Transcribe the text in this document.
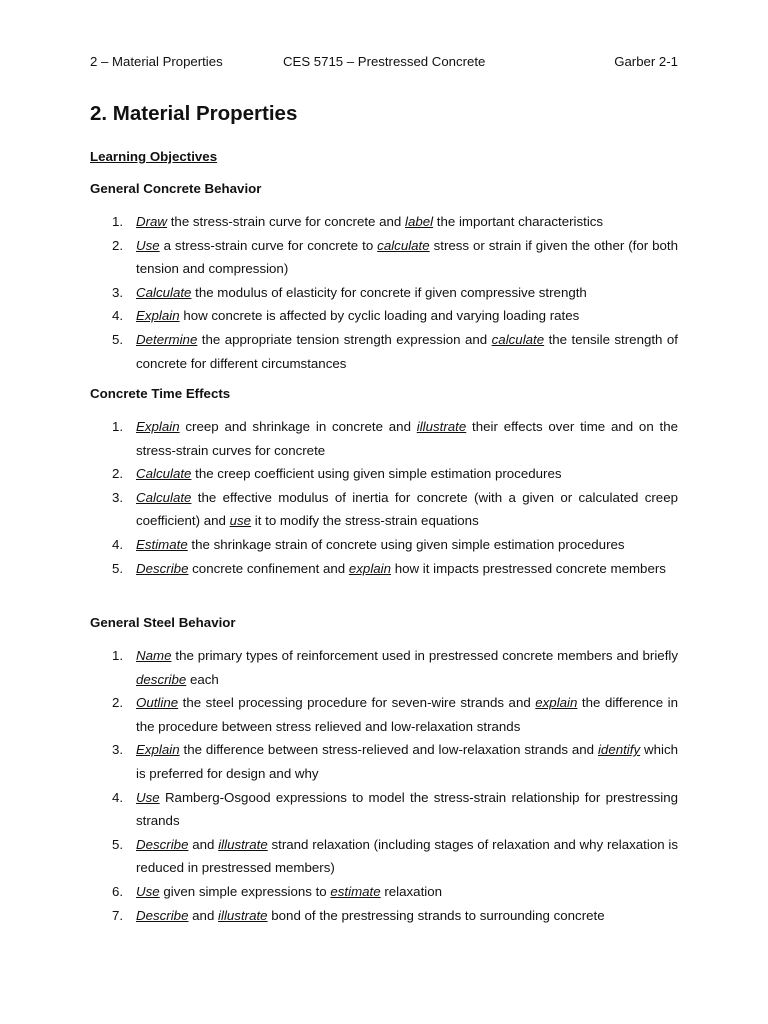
2 – Material Properties	CES 5715 – Prestressed Concrete	Garber 2-1
2. Material Properties
Learning Objectives
General Concrete Behavior
1. Draw the stress-strain curve for concrete and label the important characteristics
2. Use a stress-strain curve for concrete to calculate stress or strain if given the other (for both tension and compression)
3. Calculate the modulus of elasticity for concrete if given compressive strength
4. Explain how concrete is affected by cyclic loading and varying loading rates
5. Determine the appropriate tension strength expression and calculate the tensile strength of concrete for different circumstances
Concrete Time Effects
1. Explain creep and shrinkage in concrete and illustrate their effects over time and on the stress-strain curves for concrete
2. Calculate the creep coefficient using given simple estimation procedures
3. Calculate the effective modulus of inertia for concrete (with a given or calculated creep coefficient) and use it to modify the stress-strain equations
4. Estimate the shrinkage strain of concrete using given simple estimation procedures
5. Describe concrete confinement and explain how it impacts prestressed concrete members
General Steel Behavior
1. Name the primary types of reinforcement used in prestressed concrete members and briefly describe each
2. Outline the steel processing procedure for seven-wire strands and explain the difference in the procedure between stress relieved and low-relaxation strands
3. Explain the difference between stress-relieved and low-relaxation strands and identify which is preferred for design and why
4. Use Ramberg-Osgood expressions to model the stress-strain relationship for prestressing strands
5. Describe and illustrate strand relaxation (including stages of relaxation and why relaxation is reduced in prestressed members)
6. Use given simple expressions to estimate relaxation
7. Describe and illustrate bond of the prestressing strands to surrounding concrete
